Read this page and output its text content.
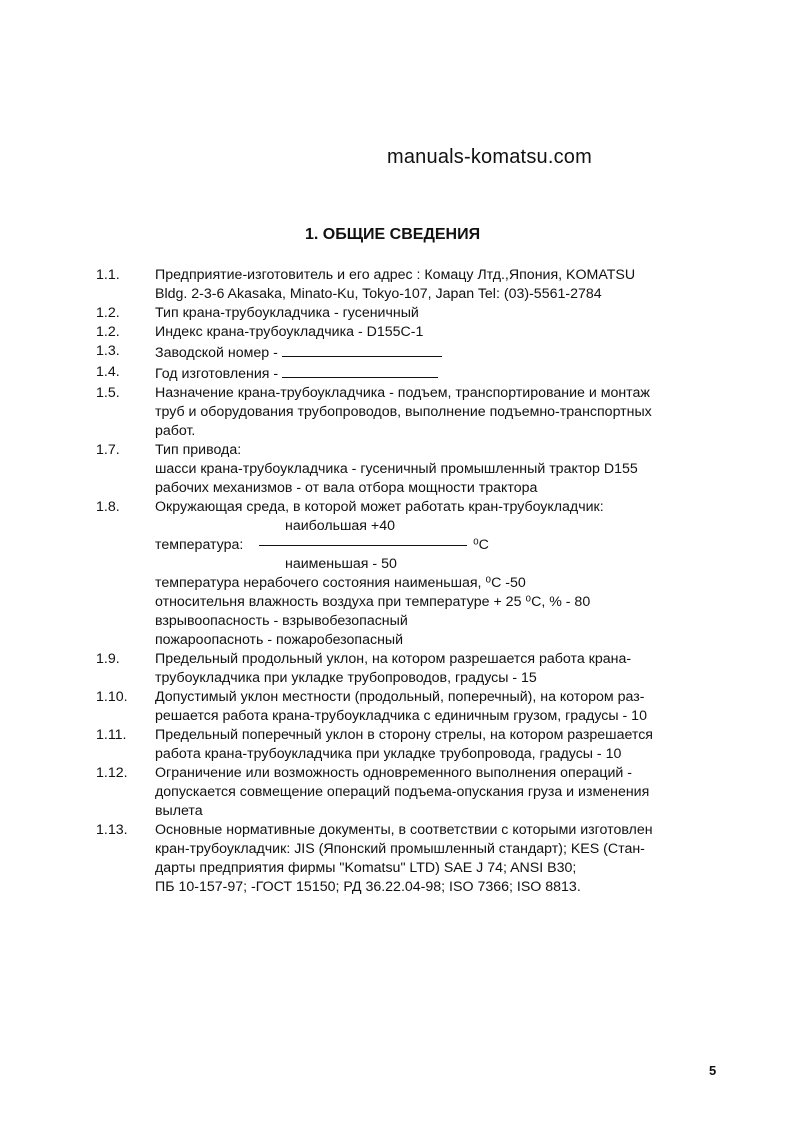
manuals-komatsu.com
1. ОБЩИЕ СВЕДЕНИЯ
1.1. Предприятие-изготовитель и его адрес : Комацу Лтд.,Япония, KOMATSU
Bldg. 2-3-6 Akasaka, Minato-Ku, Tokyo-107, Japan Tel: (03)-5561-2784
1.2. Тип крана-трубоукладчика - гусеничный
1.2. Индекс крана-трубоукладчика - D155C-1
1.3. Заводской номер -
1.4. Год изготовления -
1.5. Назначение крана-трубоукладчика - подъем, транспортирование и монтаж
труб и оборудования трубопроводов, выполнение подъемно-транспортных
работ.
1.7. Тип привода:
шасси крана-трубоукладчика - гусеничный промышленный трактор D155
рабочих механизмов - от вала отбора мощности трактора
1.8. Окружающая среда, в которой может работать кран-трубоукладчик:
наибольшая +40
температура:	⁰C
наименьшая - 50
температура нерабочего состояния наименьшая, ⁰C -50
относительня влажность воздуха при температуре + 25 ⁰C, % - 80
взрывоопасность - взрывобезопасный
пожароопасноть - пожаробезопасный
1.9. Предельный продольный уклон, на котором разрешается работа крана-
трубоукладчика при укладке трубопроводов, градусы - 15
1.10. Допустимый уклон местности (продольный, поперечный), на котором раз-
решается работа крана-трубоукладчика с единичным грузом, градусы - 10
1.11. Предельный поперечный уклон в сторону стрелы, на котором разрешается
работа крана-трубоукладчика при укладке трубопровода, градусы - 10
1.12. Ограничение или возможность одновременного выполнения операций -
допускается совмещение операций подъема-опускания груза и изменения
вылета
1.13. Основные нормативные документы, в соответствии с которыми изготовлен
кран-трубоукладчик: JIS (Японский промышленный стандарт); KES (Стан-
дарты предприятия фирмы "Komatsu" LTD) SAE J 74; ANSI B30;
ПБ 10-157-97; -ГОСТ 15150; РД 36.22.04-98; ISO 7366; ISO 8813.
5
